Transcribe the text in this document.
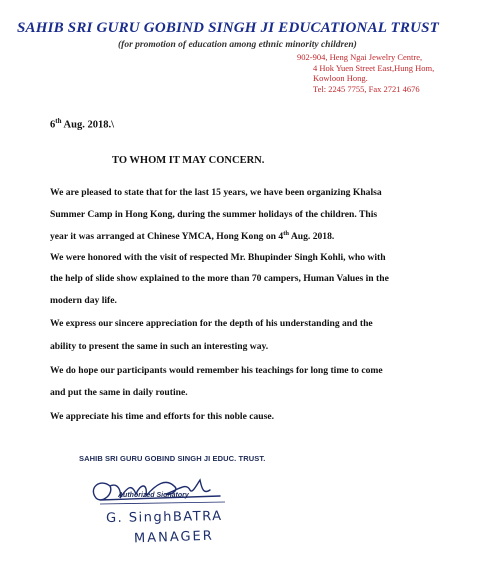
SAHIB SRI GURU GOBIND SINGH JI EDUCATIONAL TRUST
(for promotion of education among ethnic minority children)
902-904, Heng Ngai Jewelry Centre,
4 Hok Yuen Street East,Hung Hom,
Kowloon Hong.
Tel: 2245 7755, Fax 2721 4676
6th Aug. 2018.\
TO WHOM IT MAY CONCERN.
We are pleased to state that for the last 15 years, we have been organizing Khalsa
Summer Camp in Hong Kong, during the summer holidays of the children. This
year it was arranged at Chinese YMCA, Hong Kong on 4th Aug. 2018.
We were honored with the visit of respected Mr. Bhupinder Singh Kohli, who with
the help of slide show explained to the more than 70 campers, Human Values in the
modern day life.
We express our sincere appreciation for the depth of his understanding and the
ability to present the same in such an interesting way.
We do hope our participants would remember his teachings for long time to come
and put the same in daily routine.
We appreciate his time and efforts for this noble cause.
SAHIB SRI GURU GOBIND SINGH JI EDUC. TRUST.
Authorized Signatory
G. SinghBATRA
MANAGER
